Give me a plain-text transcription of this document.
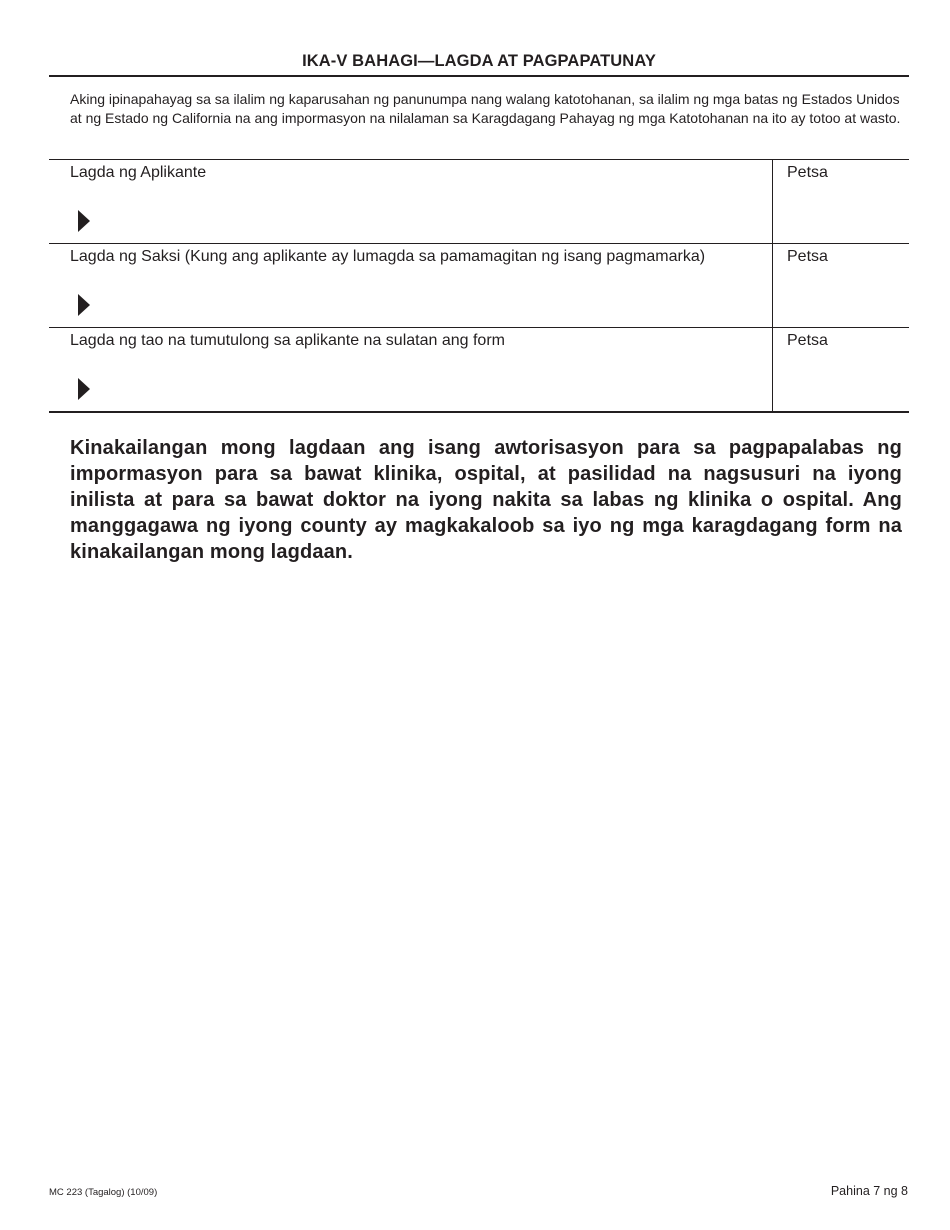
IKA-V BAHAGI—LAGDA AT PAGPAPATUNAY
Aking ipinapahayag sa sa ilalim ng kaparusahan ng panunumpa nang walang katotohanan, sa ilalim ng mga batas ng Estados Unidos at ng Estado ng California na ang impormasyon na nilalaman sa Karagdagang Pahayag ng mga Katotohanan na ito ay totoo at wasto.
Lagda ng Aplikante	Petsa
Lagda ng Saksi (Kung ang aplikante ay lumagda sa pamamagitan ng isang pagmamarka)	Petsa
Lagda ng tao na tumutulong sa aplikante na sulatan ang form	Petsa
Kinakailangan mong lagdaan ang isang awtorisasyon para sa pagpapalabas ng impormasyon para sa bawat klinika, ospital, at pasilidad na nagsusuri na iyong inilista at para sa bawat doktor na iyong nakita sa labas ng klinika o ospital. Ang manggagawa ng iyong county ay magkakaloob sa iyo ng mga karagdagang form na kinakailangan mong lagdaan.
MC 223 (Tagalog) (10/09)	Pahina 7 ng 8
